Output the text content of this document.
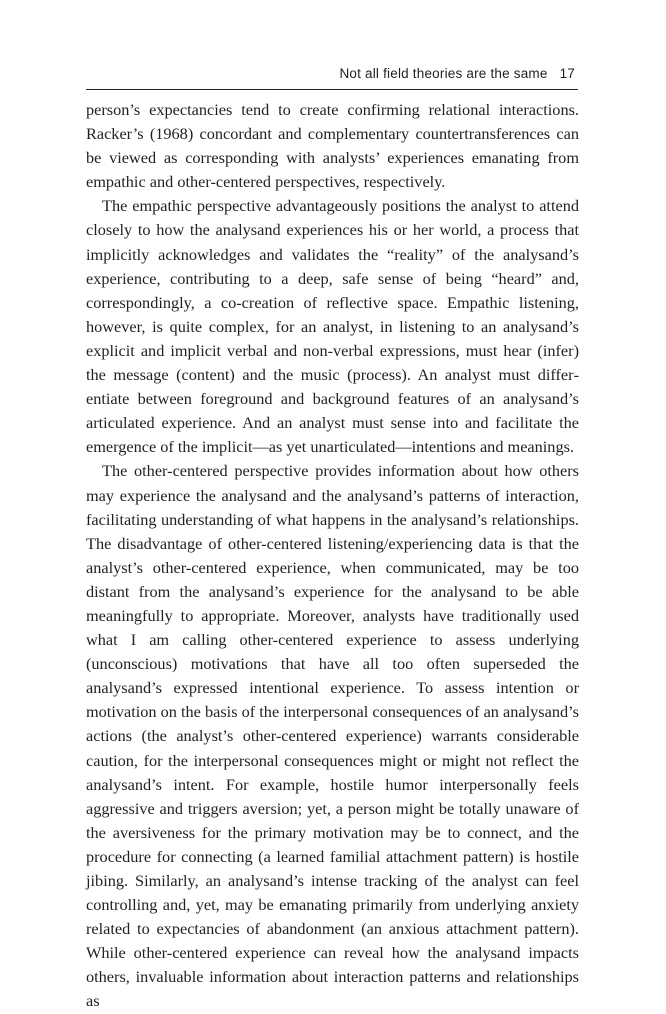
Not all field theories are the same 17

person’s expectancies tend to create confirming relational interactions. Racker’s (1968) concordant and complementary countertransferences can be viewed as corresponding with analysts’ experiences emanating from empathic and other-centered perspectives, respectively.

The empathic perspective advantageously positions the analyst to attend closely to how the analysand experiences his or her world, a process that implicitly acknowledges and validates the “reality” of the analysand’s experience, contributing to a deep, safe sense of being “heard” and, correspondingly, a co-creation of reflective space. Empathic listening, however, is quite complex, for an analyst, in listening to an analysand’s explicit and implicit verbal and non-verbal expressions, must hear (infer) the message (content) and the music (process). An analyst must differentiate between foreground and background features of an analysand’s articulated experience. And an analyst must sense into and facilitate the emergence of the implicit—as yet unarticulated—intentions and meanings.

The other-centered perspective provides information about how others may experience the analysand and the analysand’s patterns of interaction, facilitating understanding of what happens in the analysand’s relationships. The disadvantage of other-centered listening/experiencing data is that the analyst’s other-centered experience, when communicated, may be too distant from the analysand’s experience for the analysand to be able meaningfully to appropriate. Moreover, analysts have traditionally used what I am calling other-centered experience to assess underlying (unconscious) motivations that have all too often superseded the analysand’s expressed intentional experience. To assess intention or motivation on the basis of the interpersonal consequences of an analysand’s actions (the analyst’s other-centered experience) warrants considerable caution, for the interpersonal consequences might or might not reflect the analysand’s intent. For example, hostile humor interpersonally feels aggressive and triggers aversion; yet, a person might be totally unaware of the aversiveness for the primary motivation may be to connect, and the procedure for connecting (a learned familial attachment pattern) is hostile jibing. Similarly, an analysand’s intense tracking of the analyst can feel controlling and, yet, may be emanating primarily from underlying anxiety related to expectancies of abandonment (an anxious attachment pattern). While other-centered experience can reveal how the analysand impacts others, invaluable information about interaction patterns and relationships as
